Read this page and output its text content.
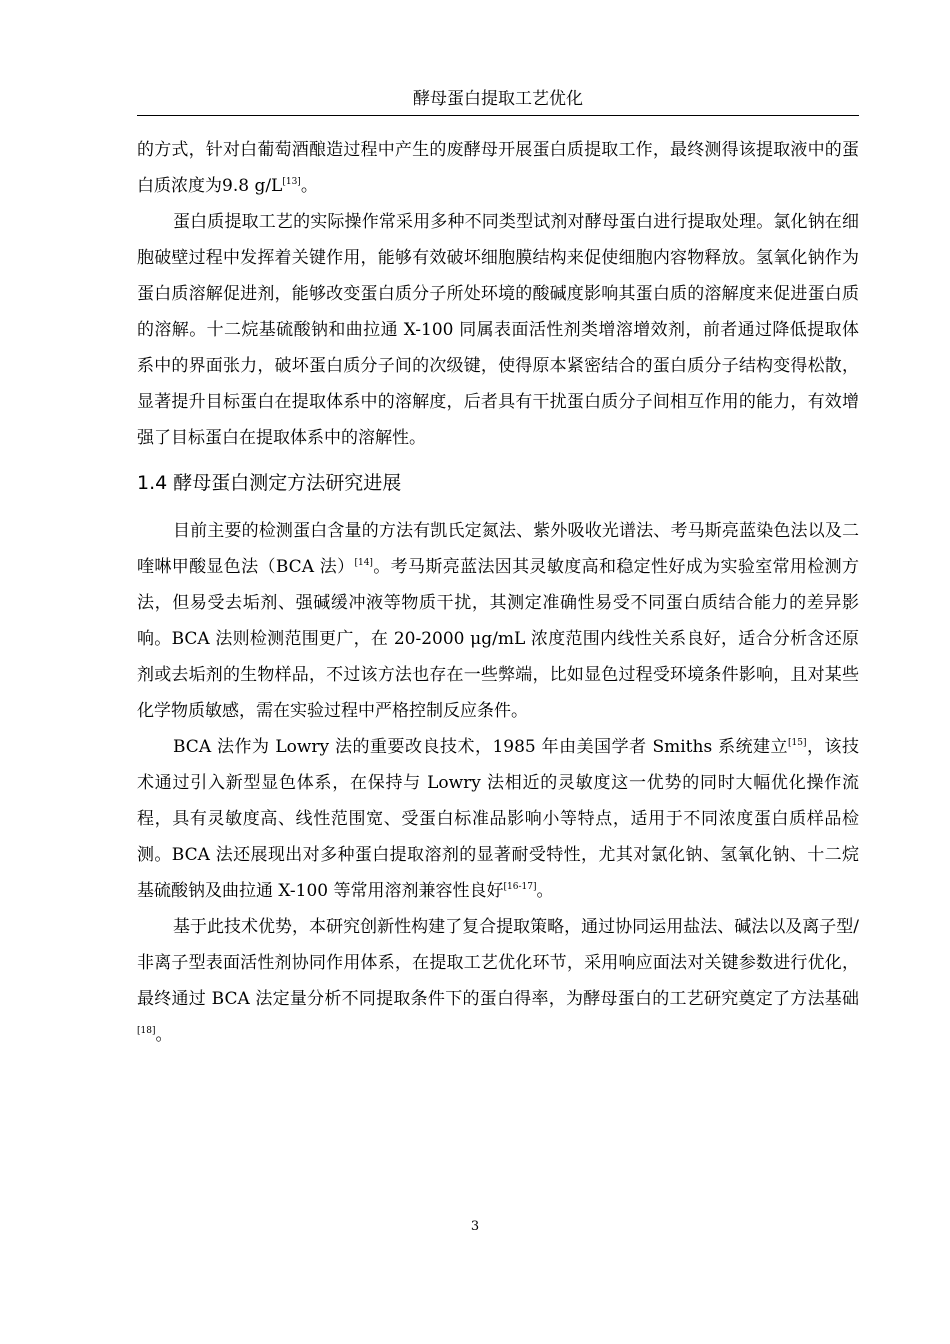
酵母蛋白提取工艺优化

的方式，针对白葡萄酒酿造过程中产生的废酵母开展蛋白质提取工作，最终测得该提取液中的蛋白质浓度为9.8 g/L[13]。

蛋白质提取工艺的实际操作常采用多种不同类型试剂对酵母蛋白进行提取处理。氯化钠在细胞破壁过程中发挥着关键作用，能够有效破坏细胞膜结构来促使细胞内容物释放。氢氧化钠作为蛋白质溶解促进剂，能够改变蛋白质分子所处环境的酸碱度影响其蛋白质的溶解度来促进蛋白质的溶解。十二烷基硫酸钠和曲拉通 X-100 同属表面活性剂类增溶增效剂，前者通过降低提取体系中的界面张力，破坏蛋白质分子间的次级键，使得原本紧密结合的蛋白质分子结构变得松散，显著提升目标蛋白在提取体系中的溶解度，后者具有干扰蛋白质分子间相互作用的能力，有效增强了目标蛋白在提取体系中的溶解性。

1.4 酵母蛋白测定方法研究进展

目前主要的检测蛋白含量的方法有凯氏定氮法、紫外吸收光谱法、考马斯亮蓝染色法以及二喹啉甲酸显色法（BCA 法）[14]。考马斯亮蓝法因其灵敏度高和稳定性好成为实验室常用检测方法，但易受去垢剂、强碱缓冲液等物质干扰，其测定准确性易受不同蛋白质结合能力的差异影响。BCA 法则检测范围更广，在 20-2000 μg/mL 浓度范围内线性关系良好，适合分析含还原剂或去垢剂的生物样品，不过该方法也存在一些弊端，比如显色过程受环境条件影响，且对某些化学物质敏感，需在实验过程中严格控制反应条件。

BCA 法作为 Lowry 法的重要改良技术，1985 年由美国学者 Smiths 系统建立[15]，该技术通过引入新型显色体系，在保持与 Lowry 法相近的灵敏度这一优势的同时大幅优化操作流程，具有灵敏度高、线性范围宽、受蛋白标准品影响小等特点，适用于不同浓度蛋白质样品检测。BCA 法还展现出对多种蛋白提取溶剂的显著耐受特性，尤其对氯化钠、氢氧化钠、十二烷基硫酸钠及曲拉通 X-100 等常用溶剂兼容性良好[16-17]。

基于此技术优势，本研究创新性构建了复合提取策略，通过协同运用盐法、碱法以及离子型/非离子型表面活性剂协同作用体系，在提取工艺优化环节，采用响应面法对关键参数进行优化，最终通过 BCA 法定量分析不同提取条件下的蛋白得率，为酵母蛋白的工艺研究奠定了方法基础[18]。

3
